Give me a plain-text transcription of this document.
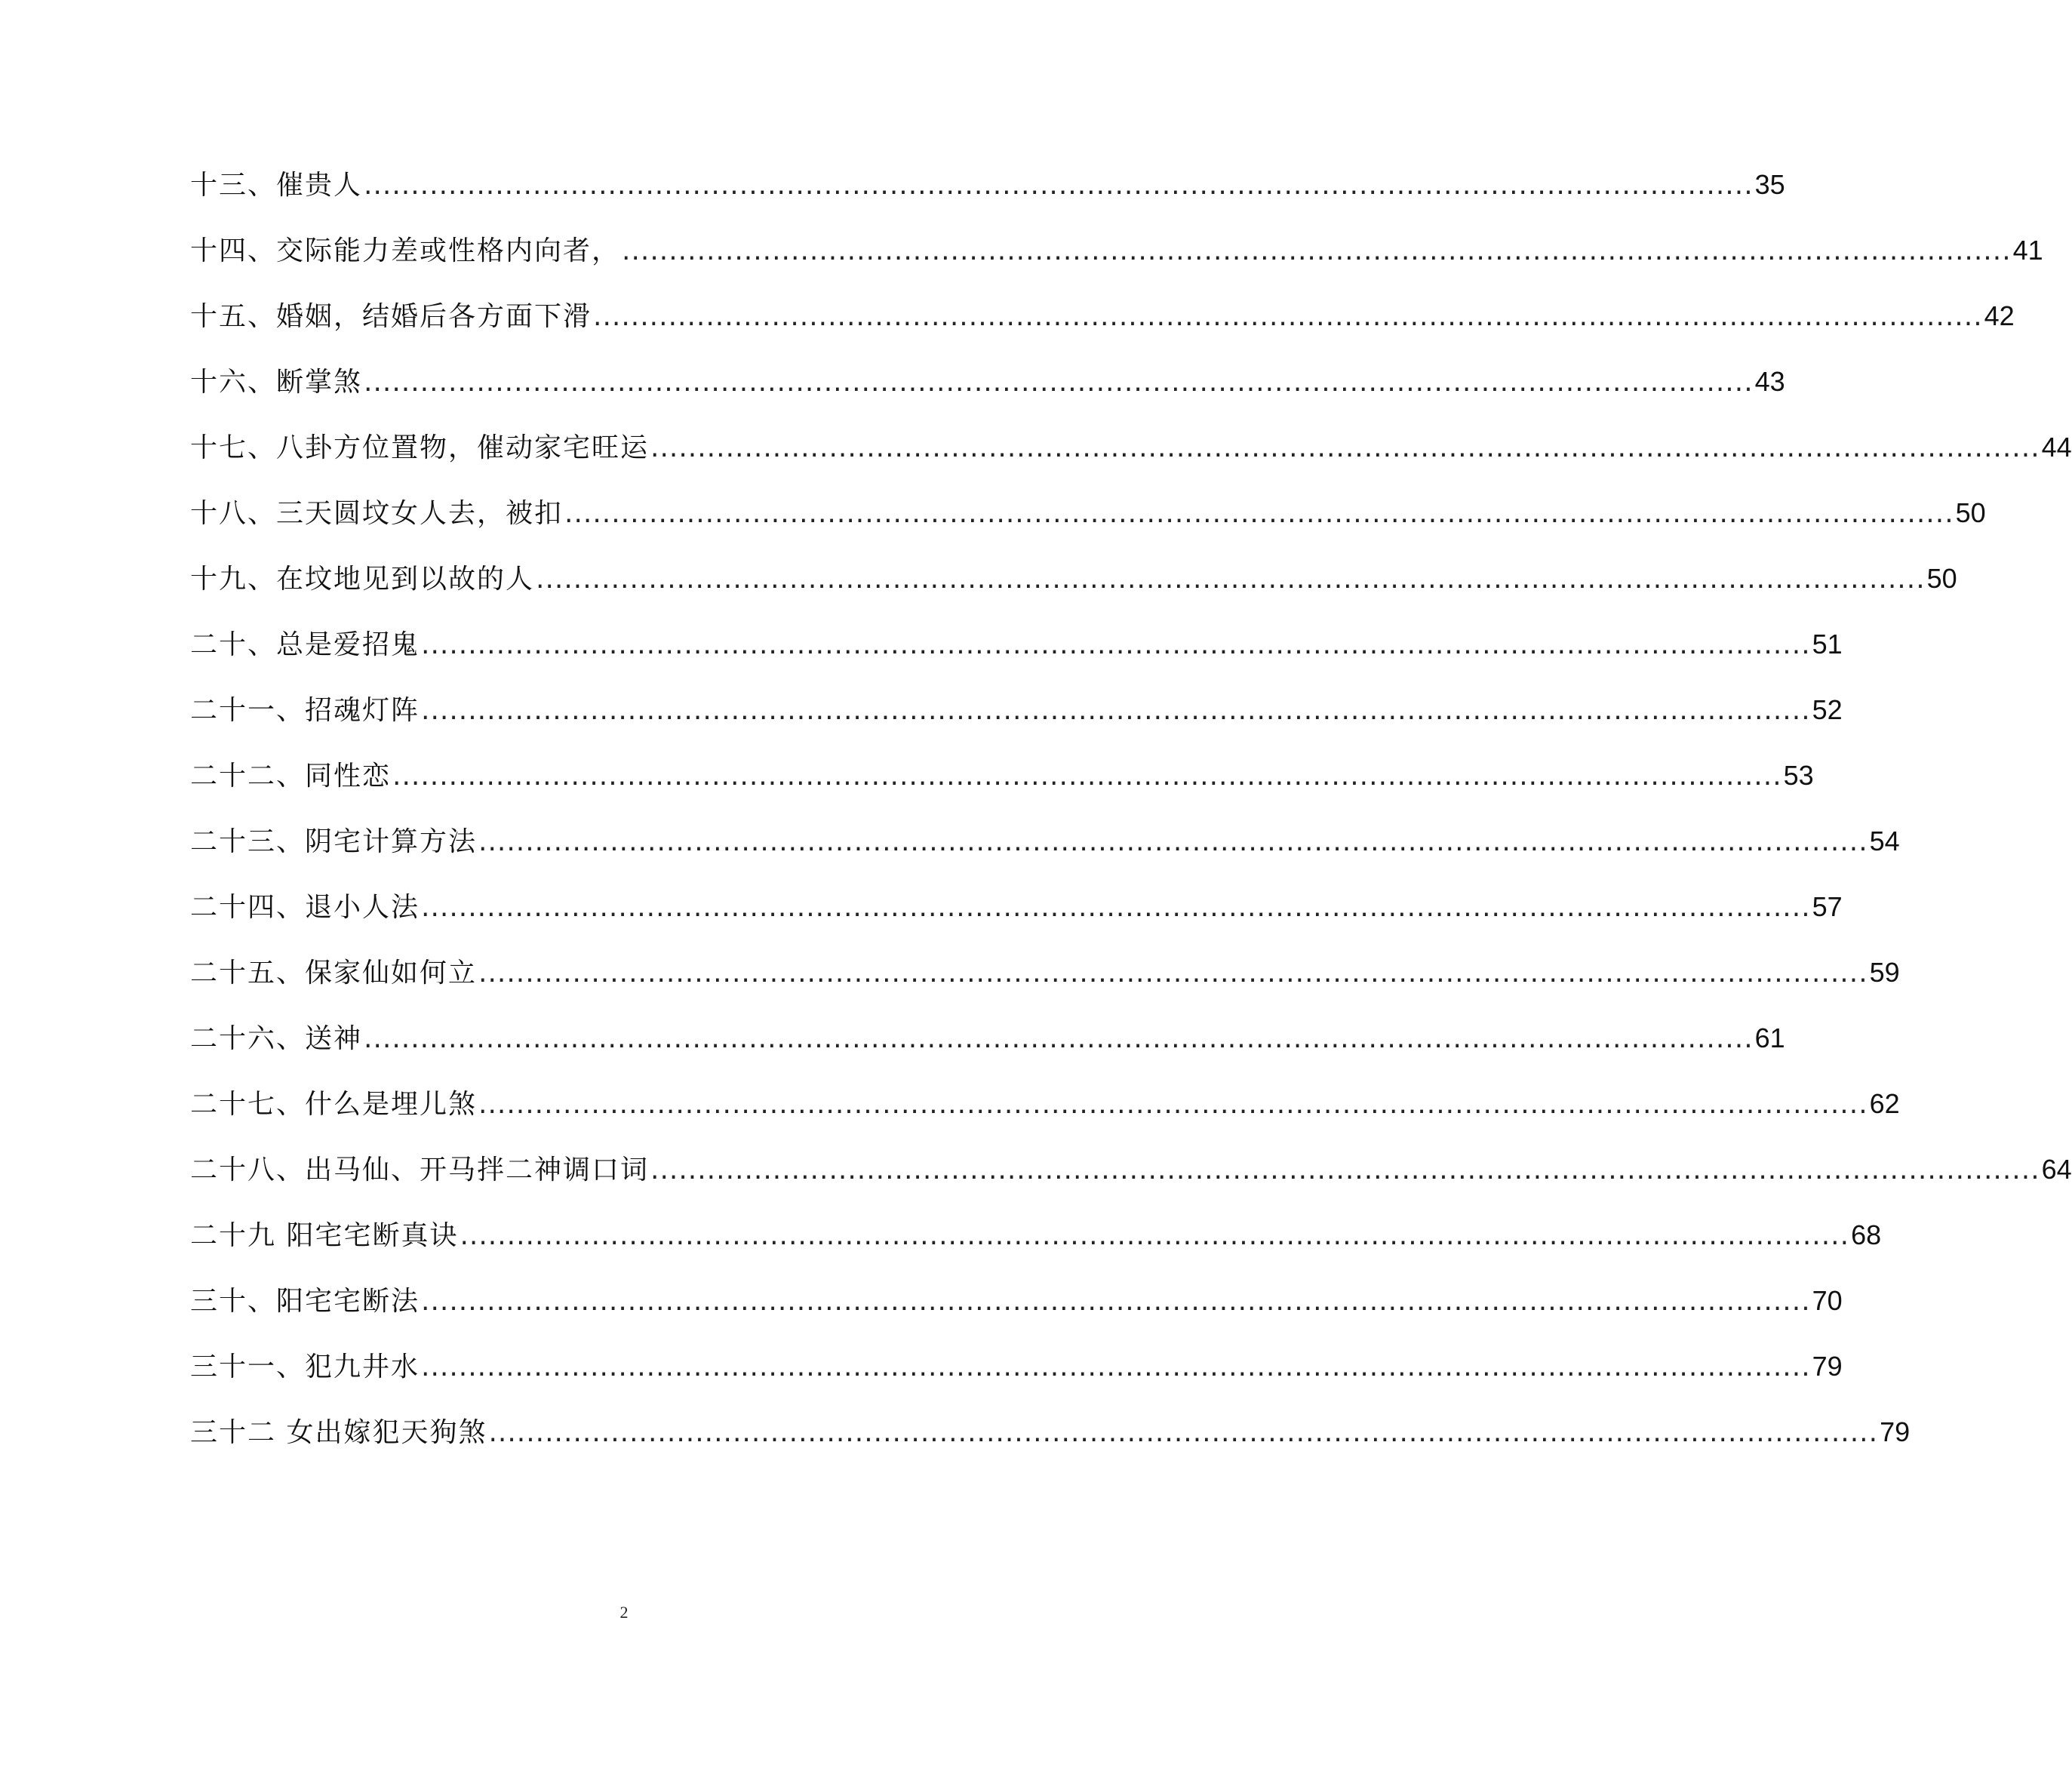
十三、催贵人 .................................................................................................................................................... 35
十四、交际能力差或性格内向者， .................................................................................................................................................... 41
十五、婚姻，结婚后各方面下滑 .................................................................................................................................................... 42
十六、断掌煞 .................................................................................................................................................... 43
十七、八卦方位置物，催动家宅旺运 .................................................................................................................................................... 44
十八、三天圆坟女人去，被扣 .................................................................................................................................................... 50
十九、在坟地见到以故的人 .................................................................................................................................................... 50
二十、总是爱招鬼 .................................................................................................................................................... 51
二十一、招魂灯阵 .................................................................................................................................................... 52
二十二、同性恋 .................................................................................................................................................... 53
二十三、阴宅计算方法 .................................................................................................................................................... 54
二十四、退小人法 .................................................................................................................................................... 57
二十五、保家仙如何立 .................................................................................................................................................... 59
二十六、送神 .................................................................................................................................................... 61
二十七、什么是埋儿煞 .................................................................................................................................................... 62
二十八、出马仙、开马拌二神调口词 .................................................................................................................................................... 64
二十九 阳宅宅断真诀 .................................................................................................................................................... 68
三十、阳宅宅断法 .................................................................................................................................................... 70
三十一、犯九井水 .................................................................................................................................................... 79
三十二 女出嫁犯天狗煞 .................................................................................................................................................... 79
2
